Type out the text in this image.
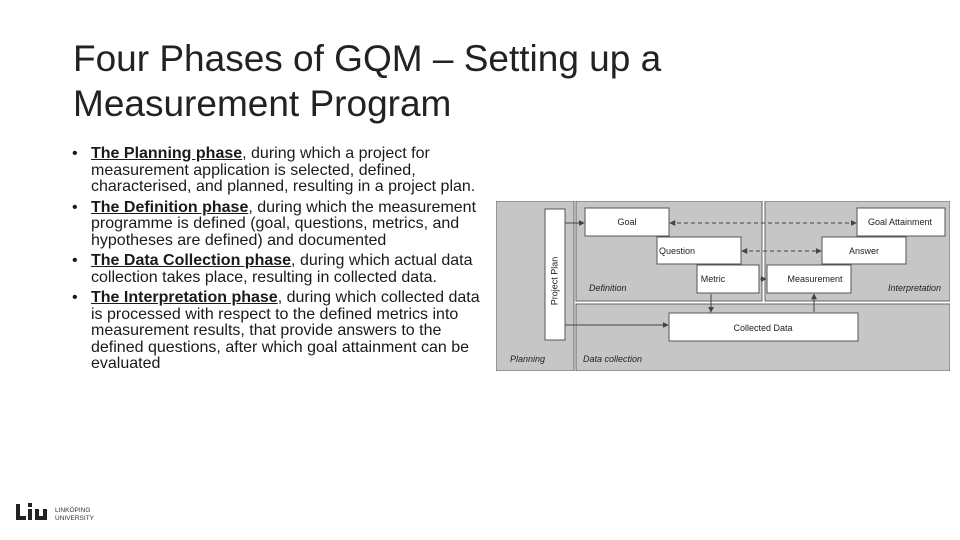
Four Phases of GQM – Setting up a
Measurement Program
• The Planning phase, during which a project for measurement application is selected, defined, characterised, and planned, resulting in a project plan.
• The Definition phase, during which the measurement programme is defined (goal, questions, metrics, and hypotheses are defined) and documented
• The Data Collection phase, during which actual data collection takes place, resulting in collected data.
• The Interpretation phase, during which collected data is processed with respect to the defined metrics into measurement results, that provide answers to the defined questions, after which goal attainment can be evaluated
Project Plan
Goal
Question
Metric
Goal Attainment
Answer
Measurement
Collected Data
Definition	Interpretation
Planning	Data collection
LINKÖPING
UNIVERSITY
